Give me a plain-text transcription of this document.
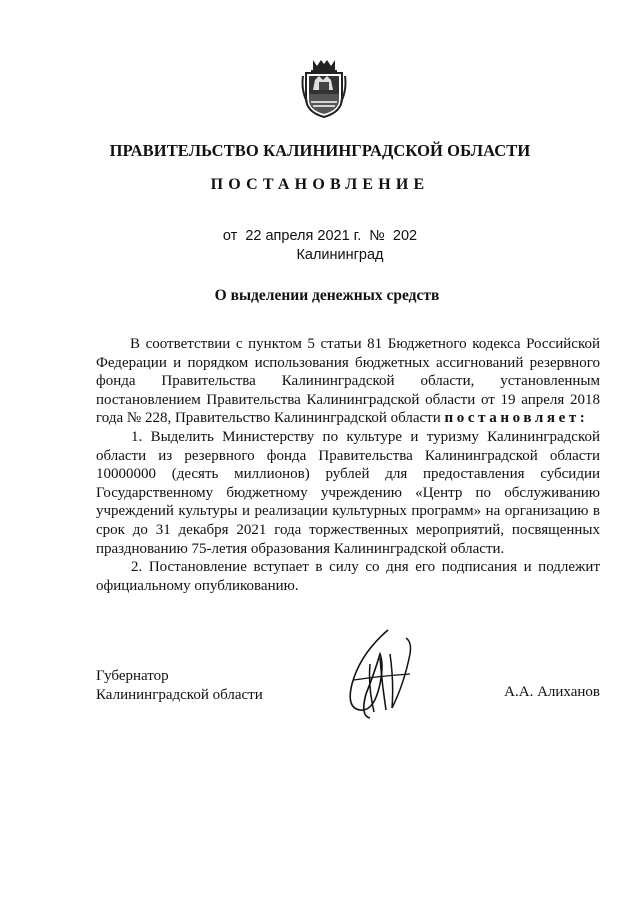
ПРАВИТЕЛЬСТВО КАЛИНИНГРАДСКОЙ ОБЛАСТИ
ПОСТАНОВЛЕНИЕ
от 22 апреля 2021 г. № 202
Калининград
О выделении денежных средств

В соответствии с пунктом 5 статьи 81 Бюджетного кодекса Российской Федерации и порядком использования бюджетных ассигнований резервного фонда Правительства Калининградской области, установленным постановлением Правительства Калининградской области от 19 апреля 2018 года № 228, Правительство Калининградской области постановляет:

1. Выделить Министерству по культуре и туризму Калининградской области из резервного фонда Правительства Калининградской области 10000000 (десять миллионов) рублей для предоставления субсидии Государственному бюджетному учреждению «Центр по обслуживанию учреждений культуры и реализации культурных программ» на организацию в срок до 31 декабря 2021 года торжественных мероприятий, посвященных празднованию 75-летия образования Калининградской области.

2. Постановление вступает в силу со дня его подписания и подлежит официальному опубликованию.

Губернатор
Калининградской области	А.А. Алиханов
